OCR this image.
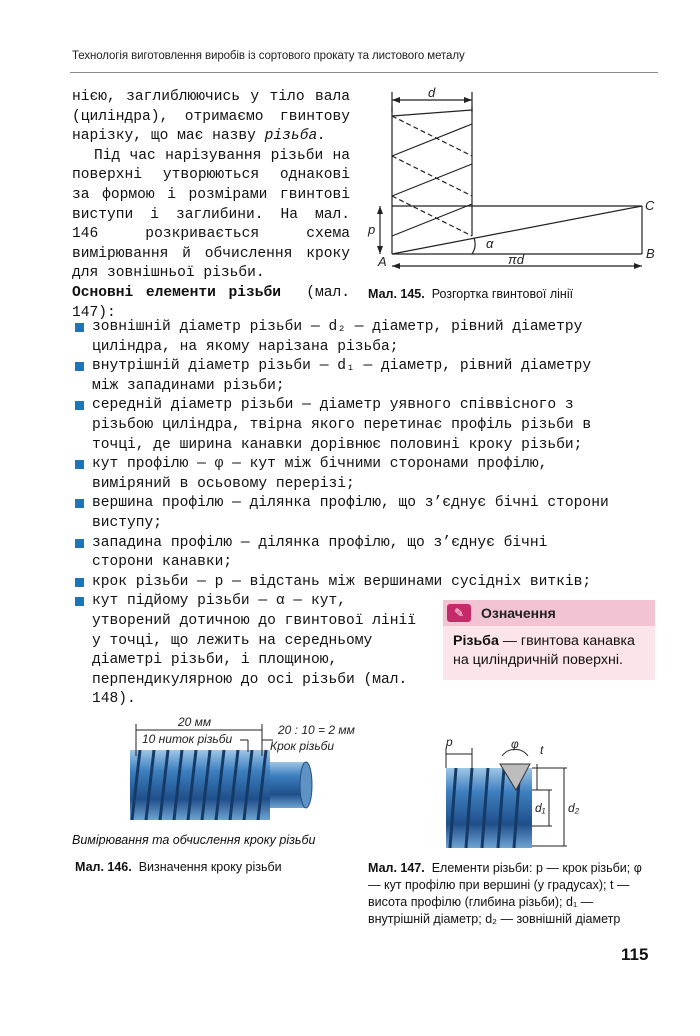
Технологія виготовлення виробів із сортового прокату та листового металу

нією, заглиблюючись у тіло вала (циліндра), отримаємо гвинтову нарізку, що має назву різьба.

Під час нарізування різьби на поверхні утворюються однакові за формою і розмірами гвинтові виступи і заглибини. На мал. 146 розкривається схема вимірювання й обчислення кроку для зовнішньої різьби.

Основні елементи різьби (мал. 147):

d
p
A
B
C
α
πd
Мал. 145. Розгортка гвинтової лінії
зовнішній діаметр різьби — d₂ — діаметр, рівний діаметру циліндра, на якому нарізана різьба;
внутрішній діаметр різьби — d₁ — діаметр, рівний діаметру між западинами різьби;
середній діаметр різьби — діаметр уявного співвісного з різьбою циліндра, твірна якого перетинає профіль різьби в точці, де ширина канавки дорівнює половині кроку різьби;
кут профілю — φ — кут між бічними сторонами профілю, виміряний в осьовому перерізі;
вершина профілю — ділянка профілю, що з’єднує бічні сторони виступу;
западина профілю — ділянка профілю, що з’єднує бічні сторони канавки;
крок різьби — p — відстань між вершинами сусідніх витків;
кут підйому різьби — α — кут, утворений дотичною до гвинтової лінії у точці, що лежить на середньому діаметрі різьби, і площиною, перпендикулярною до осі різьби (мал. 148).
✎	Означення
Різьба — гвинтова канавка на циліндричній поверхні.
20 мм
10 ниток різьби
20 : 10 = 2 мм
Крок різьби
Вимірювання та обчислення кроку різьби
Мал. 146. Визначення кроку різьби
p	φ t
d₁ d₂
Мал. 147. Елементи різьби: p — крок різьби; φ — кут профілю при вершині (у градусах); t — висота профілю (глибина різьби); d₁ — внутрішній діаметр; d₂ — зовнішній діаметр
115
